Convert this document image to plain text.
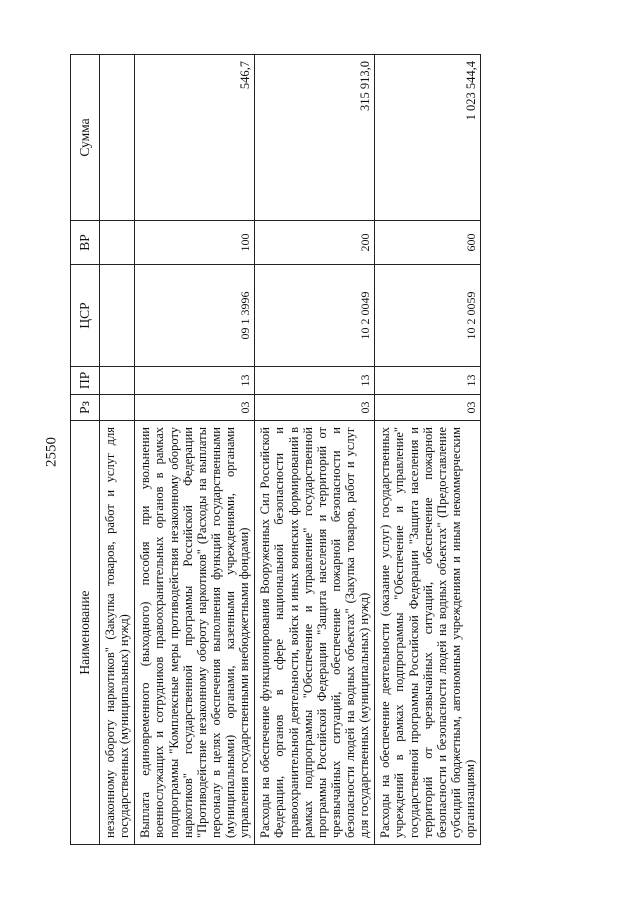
2550
Наименование	Рз	ПР	ЦСР	ВР	Сумма
незаконному обороту наркотиков" (Закупка товаров, работ и услуг для государственных (муниципальных) нужд)					
Выплата единовременного (выходного) пособия при увольнении военнослужащих и сотрудников правоохранительных органов в рамках подпрограммы "Комплексные меры противодействия незаконному обороту наркотиков" государственной программы Российской Федерации "Противодействие незаконному обороту наркотиков" (Расходы на выплаты персоналу в целях обеспечения выполнения функций государственными (муниципальными) органами, казенными учреждениями, органами управления государственными внебюджетными фондами)	03	13	09 1 3996	100	546,7
Расходы на обеспечение функционирования Вооруженных Сил Российской Федерации, органов в сфере национальной безопасности и правоохранительной деятельности, войск и иных воинских формирований в рамках подпрограммы "Обеспечение и управление" государственной программы Российской Федерации "Защита населения и территорий от чрезвычайных ситуаций, обеспечение пожарной безопасности и безопасности людей на водных объектах" (Закупка товаров, работ и услуг для государственных (муниципальных) нужд)	03	13	10 2 0049	200	315 913,0
Расходы на обеспечение деятельности (оказание услуг) государственных учреждений в рамках подпрограммы "Обеспечение и управление" государственной программы Российской Федерации "Защита населения и территорий от чрезвычайных ситуаций, обеспечение пожарной безопасности и безопасности людей на водных объектах" (Предоставление субсидий бюджетным, автономным учреждениям и иным некоммерческим организациям)	03	13	10 2 0059	600	1 023 544,4
